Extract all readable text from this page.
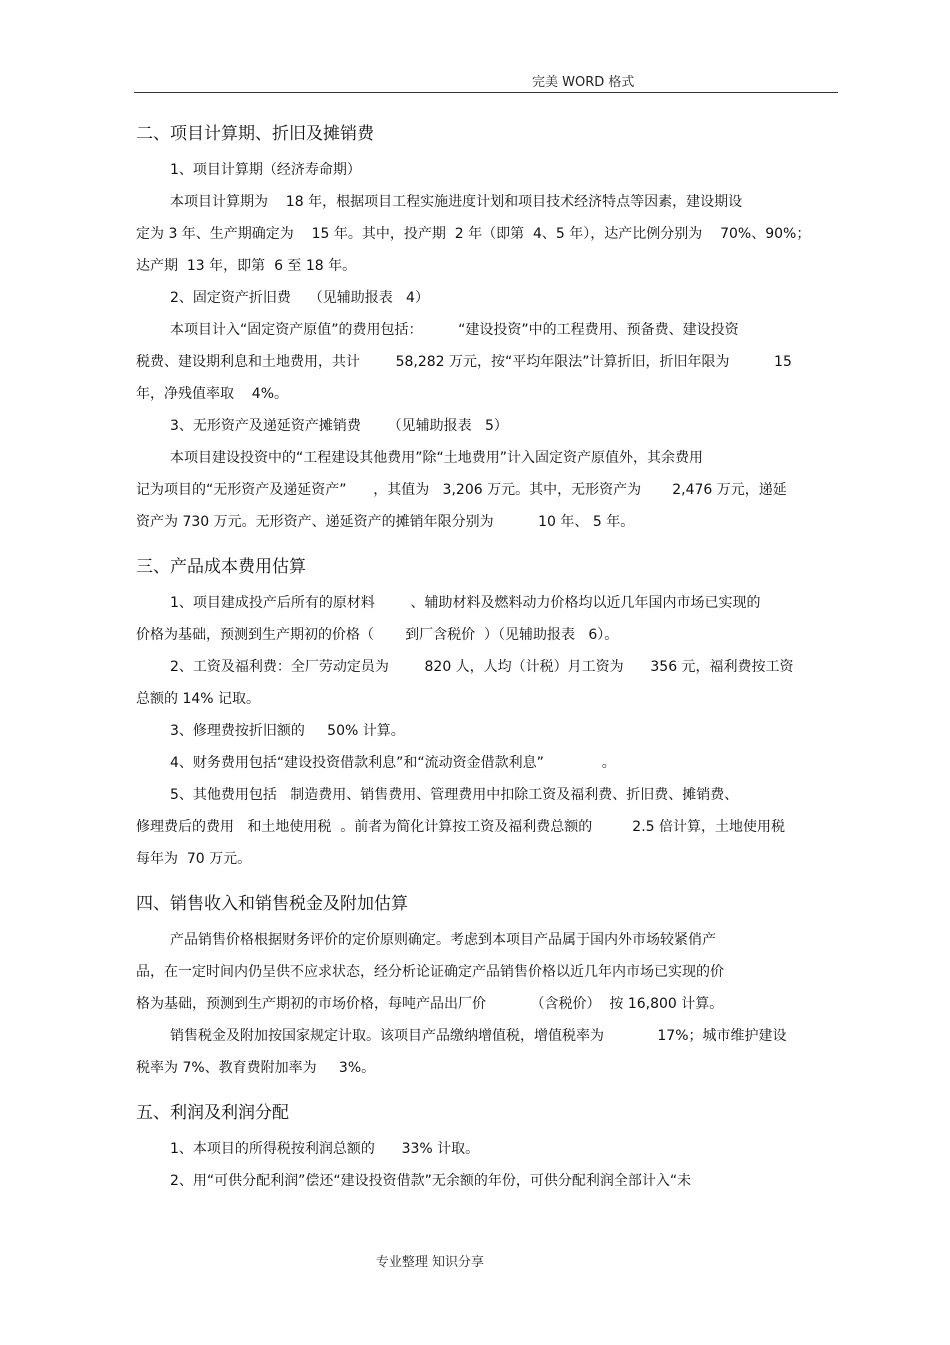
完美 WORD 格式
二、项目计算期、折旧及摊销费

1、项目计算期（经济寿命期）

本项目计算期为    18 年，根据项目工程实施进度计划和项目技术经济特点等因素，建设期设

定为 3 年、生产期确定为    15 年。其中，投产期  2 年（即第  4、5 年），达产比例分别为    70%、90%；

达产期  13 年，即第  6 至 18 年。

2、固定资产折旧费    （见辅助报表   4）

本项目计入“固定资产原值”的费用包括：        “建设投资”中的工程费用、预备费、建设投资

税费、建设期利息和土地费用，共计        58,282 万元，按“平均年限法”计算折旧，折旧年限为          15

年，净残值率取    4%。

3、无形资产及递延资产摊销费      （见辅助报表   5）

本项目建设投资中的“工程建设其他费用”除“土地费用”计入固定资产原值外，其余费用

记为项目的“无形资产及递延资产”      ，其值为   3,206 万元。其中，无形资产为       2,476 万元，递延

资产为 730 万元。无形资产、递延资产的摊销年限分别为          10 年、 5 年。

三、产品成本费用估算

1、项目建成投产后所有的原材料        、辅助材料及燃料动力价格均以近几年国内市场已实现的

价格为基础，预测到生产期初的价格（       到厂含税价  ）（见辅助报表   6）。

2、工资及福利费：全厂劳动定员为        820 人，人均（计税）月工资为      356 元，福利费按工资

总额的 14% 记取。

3、修理费按折旧额的     50% 计算。

4、财务费用包括“建设投资借款利息”和“流动资金借款利息”             。

5、其他费用包括   制造费用、销售费用、管理费用中扣除工资及福利费、折旧费、摊销费、

修理费后的费用   和土地使用税  。前者为简化计算按工资及福利费总额的         2.5 倍计算，土地使用税

每年为  70 万元。

四、销售收入和销售税金及附加估算

产品销售价格根据财务评价的定价原则确定。考虑到本项目产品属于国内外市场较紧俏产

品，在一定时间内仍呈供不应求状态，经分析论证确定产品销售价格以近几年内市场已实现的价

格为基础，预测到生产期初的市场价格，每吨产品出厂价          （含税价）  按 16,800 计算。

销售税金及附加按国家规定计取。该项目产品缴纳增值税，增值税率为            17%；城市维护建设

税率为 7%、教育费附加率为     3%。

五、利润及利润分配

1、本项目的所得税按利润总额的      33% 计取。

2、用“可供分配利润”偿还“建设投资借款”无余额的年份，可供分配利润全部计入“未

专业整理 知识分享
